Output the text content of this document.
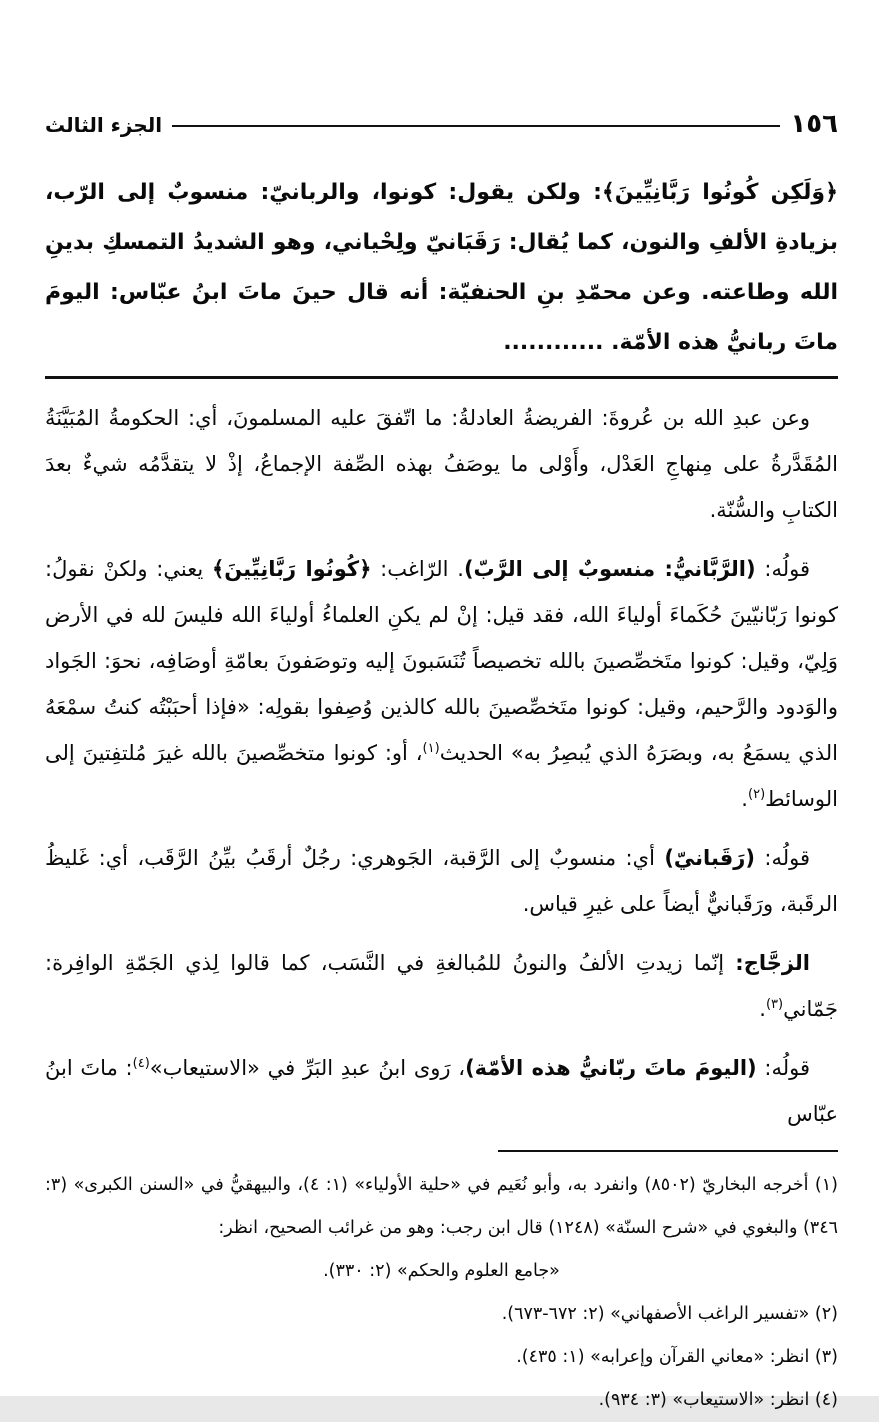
١٥٦
الجزء الثالث

﴿وَلَكِن كُونُوا رَبَّانِيِّينَ﴾: ولكن يقول: كونوا، والربانيّ: منسوبٌ إلى الرّب، بزيادةِ الألفِ والنون، كما يُقال: رَقَبَانيّ ولِحْياني، وهو الشديدُ التمسكِ بدينِ الله وطاعته. وعن محمّدِ بنِ الحنفيّة: أنه قال حينَ ماتَ ابنُ عبّاس: اليومَ ماتَ ربانيُّ هذه الأمّة. ............

وعن عبدِ الله بن عُروةَ: الفريضةُ العادلةُ: ما اتّفقَ عليه المسلمونَ، أي: الحكومةُ المُبَيَّنَةُ المُقَدَّرةُ على مِنهاجِ العَدْل، وأَوْلى ما يوصَفُ بهذه الصِّفة الإجماعُ، إذْ لا يتقدَّمُه شيءٌ بعدَ الكتابِ والسُّنّة.

قولُه: (الرَّبَّانيُّ: منسوبٌ إلى الرَّبّ). الرّاغب: ﴿كُونُوا رَبَّانِيِّينَ﴾ يعني: ولكنْ نقولُ: كونوا رَبّانيّينَ حُكَماءَ أولياءَ الله، فقد قيل: إنْ لم يكنِ العلماءُ أولياءَ الله فليسَ لله في الأرض وَلِيّ، وقيل: كونوا متَخصِّصينَ بالله تخصيصاً تُنَسَبونَ إليه وتوصَفونَ بعامّةِ أوصَافِه، نحوَ: الجَواد والوَدود والرَّحيم، وقيل: كونوا متَخصِّصينَ بالله كالذين وُصِفوا بقولِه: «فإذا أحبَبْتُه كنتُ سمْعَهُ الذي يسمَعُ به، وبصَرَهُ الذي يُبصِرُ به» الحديث$^{(١)}$، أو: كونوا متخصِّصينَ بالله غيرَ مُلتفِتينَ إلى الوسائط$^{(٢)}$.

قولُه: (رَقَبانيّ) أي: منسوبٌ إلى الرَّقبة، الجَوهري: رجُلٌ أرقَبُ بيِّنُ الرَّقَب، أي: غَليظُ الرقَبة، ورَقَبانيٌّ أيضاً على غيرِ قياس.

الزجَّاج: إنّما زيدتِ الألفُ والنونُ للمُبالغةِ في النَّسَب، كما قالوا لِذي الجَمّةِ الوافِرة: جَمّاني$^{(٣)}$.

قولُه: (اليومَ ماتَ ربّانيُّ هذه الأمّة)، رَوى ابنُ عبدِ البَرِّ في «الاستيعاب»$^{(٤)}$: ماتَ ابنُ عبّاس

(١) أخرجه البخاريّ (٨٥٠٢) وانفرد به، وأبو نُعَيم في «حلية الأولياء» (١: ٤)، والبيهقيُّ في «السنن الكبرى» (٣: ٣٤٦) والبغوي في «شرح السنّة» (١٢٤٨) قال ابن رجب: وهو من غرائب الصحيح، انظر:

«جامع العلوم والحكم» (٢: ٣٣٠).

(٢) «تفسير الراغب الأصفهاني» (٢: ٦٧٢-٦٧٣).

(٣) انظر: «معاني القرآن وإعرابه» (١: ٤٣٥).

(٤) انظر: «الاستيعاب» (٣: ٩٣٤).
